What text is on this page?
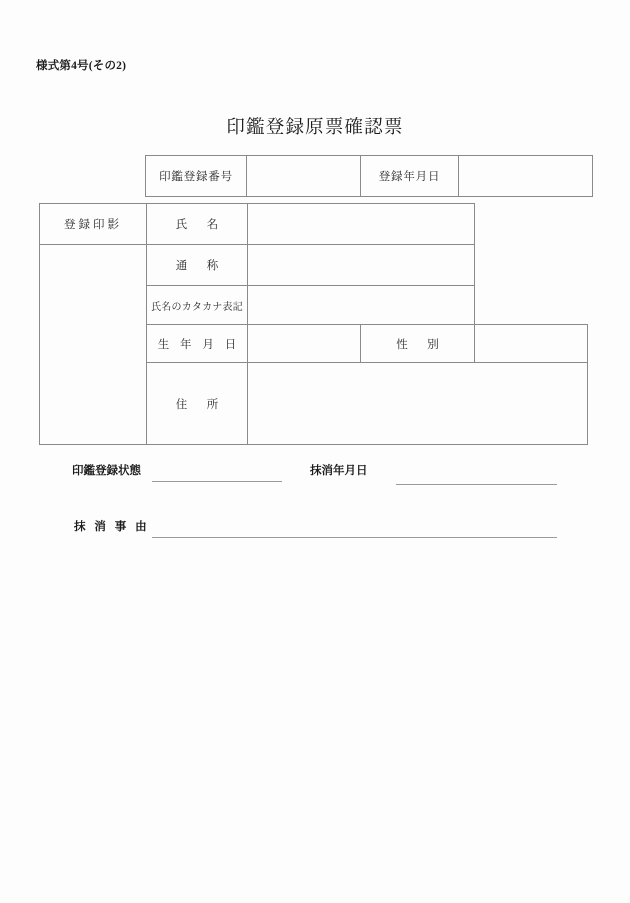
様式第4号(その2)
印鑑登録原票確認票
印鑑登録番号		登録年月日	
登録印影	氏　名			
	通　称			
	氏名のカタカナ表記			
	生 年 月 日		性　別	
	住　所			
印鑑登録状態	抹消年月日
抹 消 事 由
